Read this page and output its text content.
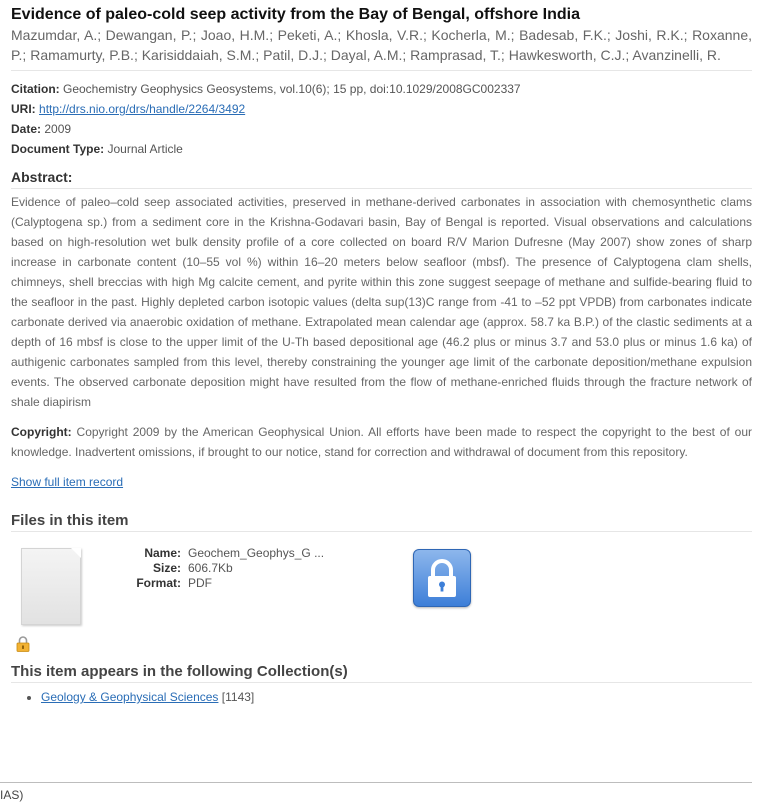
Evidence of paleo-cold seep activity from the Bay of Bengal, offshore India
Mazumdar, A.; Dewangan, P.; Joao, H.M.; Peketi, A.; Khosla, V.R.; Kocherla, M.; Badesab, F.K.; Joshi, R.K.; Roxanne, P.; Ramamurty, P.B.; Karisiddaiah, S.M.; Patil, D.J.; Dayal, A.M.; Ramprasad, T.; Hawkesworth, C.J.; Avanzinelli, R.
Citation: Geochemistry Geophysics Geosystems, vol.10(6); 15 pp, doi:10.1029/2008GC002337
URI: http://drs.nio.org/drs/handle/2264/3492
Date: 2009
Document Type: Journal Article
Abstract:
Evidence of paleo–cold seep associated activities, preserved in methane-derived carbonates in association with chemosynthetic clams (Calyptogena sp.) from a sediment core in the Krishna-Godavari basin, Bay of Bengal is reported. Visual observations and calculations based on high-resolution wet bulk density profile of a core collected on board R/V Marion Dufresne (May 2007) show zones of sharp increase in carbonate content (10–55 vol %) within 16–20 meters below seafloor (mbsf). The presence of Calyptogena clam shells, chimneys, shell breccias with high Mg calcite cement, and pyrite within this zone suggest seepage of methane and sulfide-bearing fluid to the seafloor in the past. Highly depleted carbon isotopic values (delta sup(13)C range from -41 to –52 ppt VPDB) from carbonates indicate carbonate derived via anaerobic oxidation of methane. Extrapolated mean calendar age (approx. 58.7 ka B.P.) of the clastic sediments at a depth of 16 mbsf is close to the upper limit of the U-Th based depositional age (46.2 plus or minus 3.7 and 53.0 plus or minus 1.6 ka) of authigenic carbonates sampled from this level, thereby constraining the younger age limit of the carbonate deposition/methane expulsion events. The observed carbonate deposition might have resulted from the flow of methane-enriched fluids through the fracture network of shale diapirism
Copyright: Copyright 2009 by the American Geophysical Union. All efforts have been made to respect the copyright to the best of our knowledge. Inadvertent omissions, if brought to our notice, stand for correction and withdrawal of document from this repository.
Show full item record
Files in this item
Name: Geochem_Geophys_G ...
Size: 606.7Kb
Format: PDF
This item appears in the following Collection(s)
• Geology & Geophysical Sciences [1143]
IAS)
